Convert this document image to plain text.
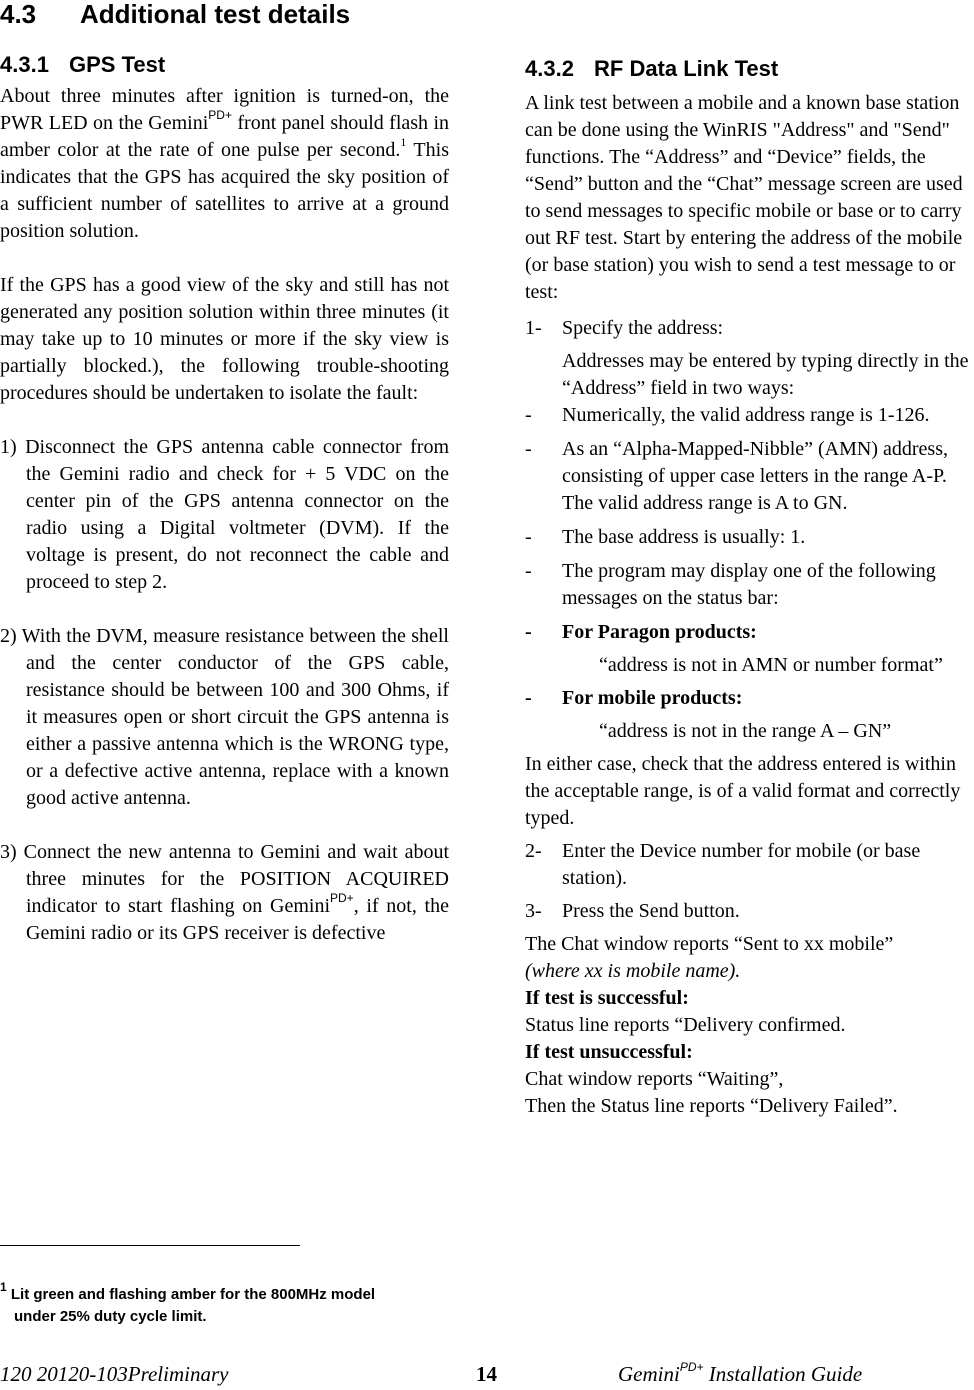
4.3 Additional test details
4.3.1 GPS Test
About three minutes after ignition is turned-on, the PWR LED on the Gemini$^{PD+}$ front panel should flash in amber color at the rate of one pulse per second.$^1$ This indicates that the GPS has acquired the sky position of a sufficient number of satellites to arrive at a ground position solution.
If the GPS has a good view of the sky and still has not generated any position solution within three minutes (it may take up to 10 minutes or more if the sky view is partially blocked.), the following trouble-shooting procedures should be undertaken to isolate the fault:
1) Disconnect the GPS antenna cable connector from the Gemini radio and check for + 5 VDC on the center pin of the GPS antenna connector on the radio using a Digital voltmeter (DVM). If the voltage is present, do not reconnect the cable and proceed to step 2.
2) With the DVM, measure resistance between the shell and the center conductor of the GPS cable, resistance should be between 100 and 300 Ohms, if it measures open or short circuit the GPS antenna is either a passive antenna which is the WRONG type, or a defective active antenna, replace with a known good active antenna.
3) Connect the new antenna to Gemini and wait about three minutes for the POSITION ACQUIRED indicator to start flashing on Gemini$^{PD+}$, if not, the Gemini radio or its GPS receiver is defective
4.3.2 RF Data Link Test
A link test between a mobile and a known base station can be done using the WinRIS "Address" and "Send" functions. The “Address” and “Device” fields, the “Send” button and the “Chat” message screen are used to send messages to specific mobile or base or to carry out RF test. Start by entering the address of the mobile (or base station) you wish to send a test message to or test:
1-	Specify the address:
Addresses may be entered by typing directly in the “Address” field in two ways:
-	Numerically, the valid address range is 1-126.
-	As an “Alpha-Mapped-Nibble” (AMN) address, consisting of upper case letters in the range A-P. The valid address range is A to GN.
-	The base address is usually: 1.
-	The program may display one of the following messages on the status bar:
-	For Paragon products:
“address is not in AMN or number format”
-	For mobile products:
“address is not in the range A – GN”
In either case, check that the address entered is within the acceptable range, is of a valid format and correctly typed.
2-	Enter the Device number for mobile (or base station).
3-	Press the Send button.
The Chat window reports “Sent to xx mobile”
(where xx is mobile name).
If test is successful:
Status line reports “Delivery confirmed.
If test unsuccessful:
Chat window reports “Waiting”,
Then the Status line reports “Delivery Failed”.
$^1$ Lit green and flashing amber for the 800MHz model
under 25% duty cycle limit.
120 20120-103Preliminary	14	Gemini$^{PD+}$ Installation Guide
